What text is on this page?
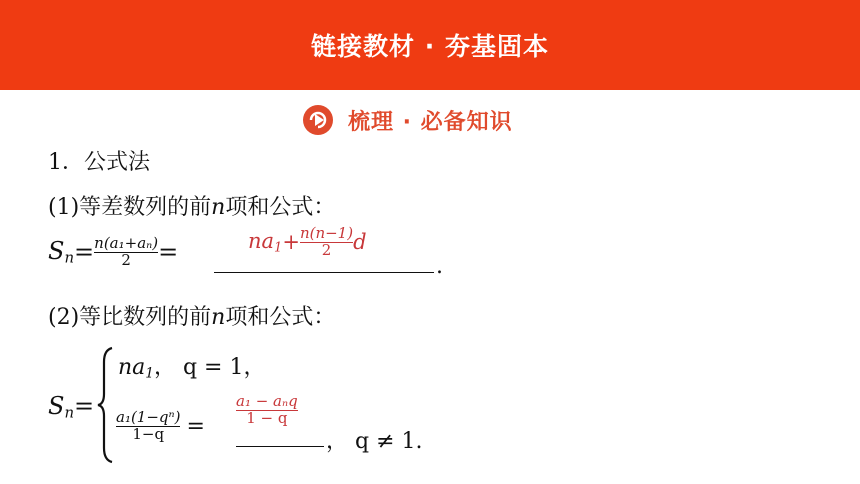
链接教材 · 夯基固本
梳理 · 必备知识
1．公式法
(1)等差数列的前n项和公式：
$S_n = \frac{\text{n(a₁+aₙ)}}{2}$ =	$na_1 + \frac{n(n-1)}{2}$ d
.
(2)等比数列的前n项和公式：
$S_n=$
$na_1$， q = 1，
$\frac{\text{a₁(1−qⁿ)}}{1-q} = \frac{\text{a₁ − aₙq}}{1 - q}$
， q ≠ 1.
